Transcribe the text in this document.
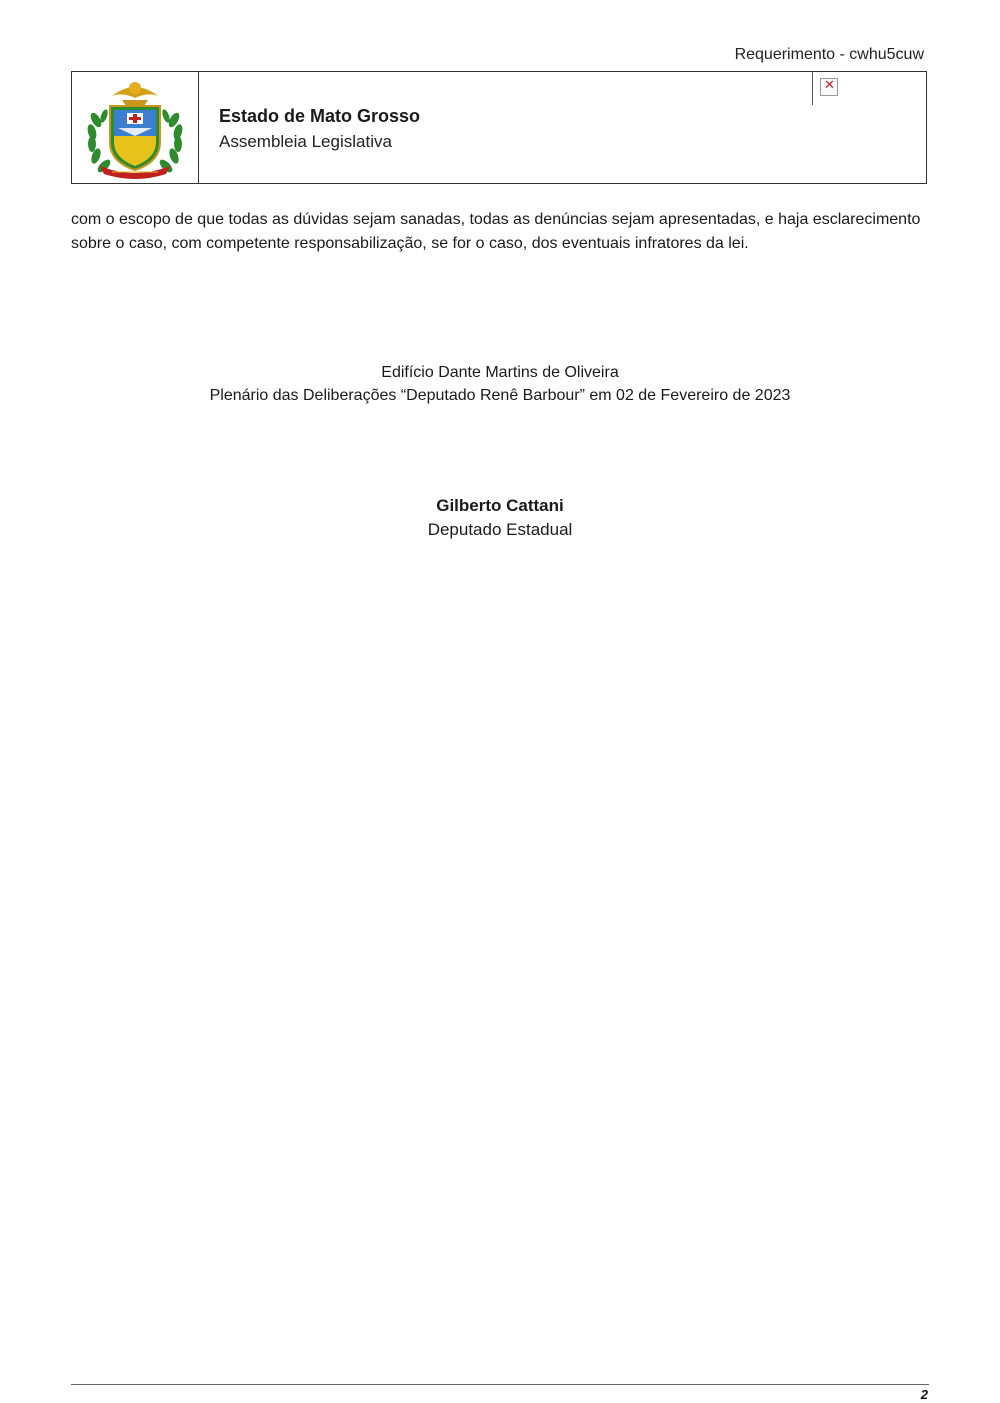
Requerimento - cwhu5cuw
Estado de Mato Grosso
Assembleia Legislativa
✕
com o escopo de que todas as dúvidas sejam sanadas, todas as denúncias sejam apresentadas, e haja esclarecimento sobre o caso, com competente responsabilização, se for o caso, dos eventuais infratores da lei.
Edifício Dante Martins de Oliveira
Plenário das Deliberações “Deputado Renê Barbour” em 02 de Fevereiro de 2023
Gilberto Cattani
Deputado Estadual
2
